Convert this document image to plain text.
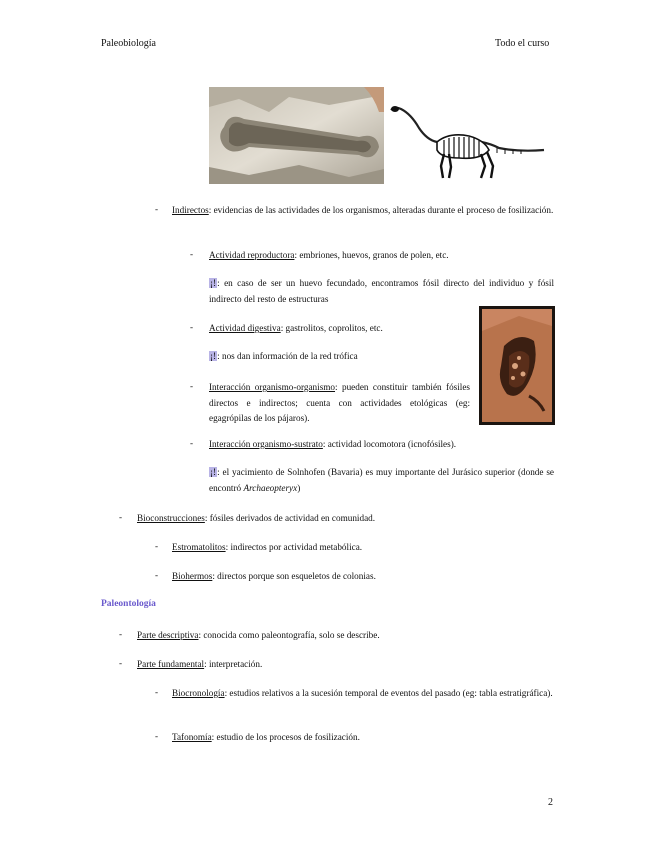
Paleobiología	Todo el curso
- Indirectos: evidencias de las actividades de los organismos, alteradas durante el proceso de fosilización.
- Actividad reproductora: embriones, huevos, granos de polen, etc.
¡!: en caso de ser un huevo fecundado, encontramos fósil directo del individuo y fósil indirecto del resto de estructuras
- Actividad digestiva: gastrolitos, coprolitos, etc.
¡!: nos dan información de la red trófica
- Interacción organismo-organismo: pueden constituir también fósiles directos e indirectos; cuenta con actividades etológicas (eg: egagrópilas de los pájaros).
- Interacción organismo-sustrato: actividad locomotora (icnofósiles).
¡!: el yacimiento de Solnhofen (Bavaria) es muy importante del Jurásico superior (donde se encontró Archaeopteryx)
- Bioconstrucciones: fósiles derivados de actividad en comunidad.
- Estromatolitos: indirectos por actividad metabólica.
- Biohermos: directos porque son esqueletos de colonias.
Paleontología
- Parte descriptiva: conocida como paleontografía, solo se describe.
- Parte fundamental: interpretación.
- Biocronología: estudios relativos a la sucesión temporal de eventos del pasado (eg: tabla estratigráfica).
- Tafonomía: estudio de los procesos de fosilización.
2
